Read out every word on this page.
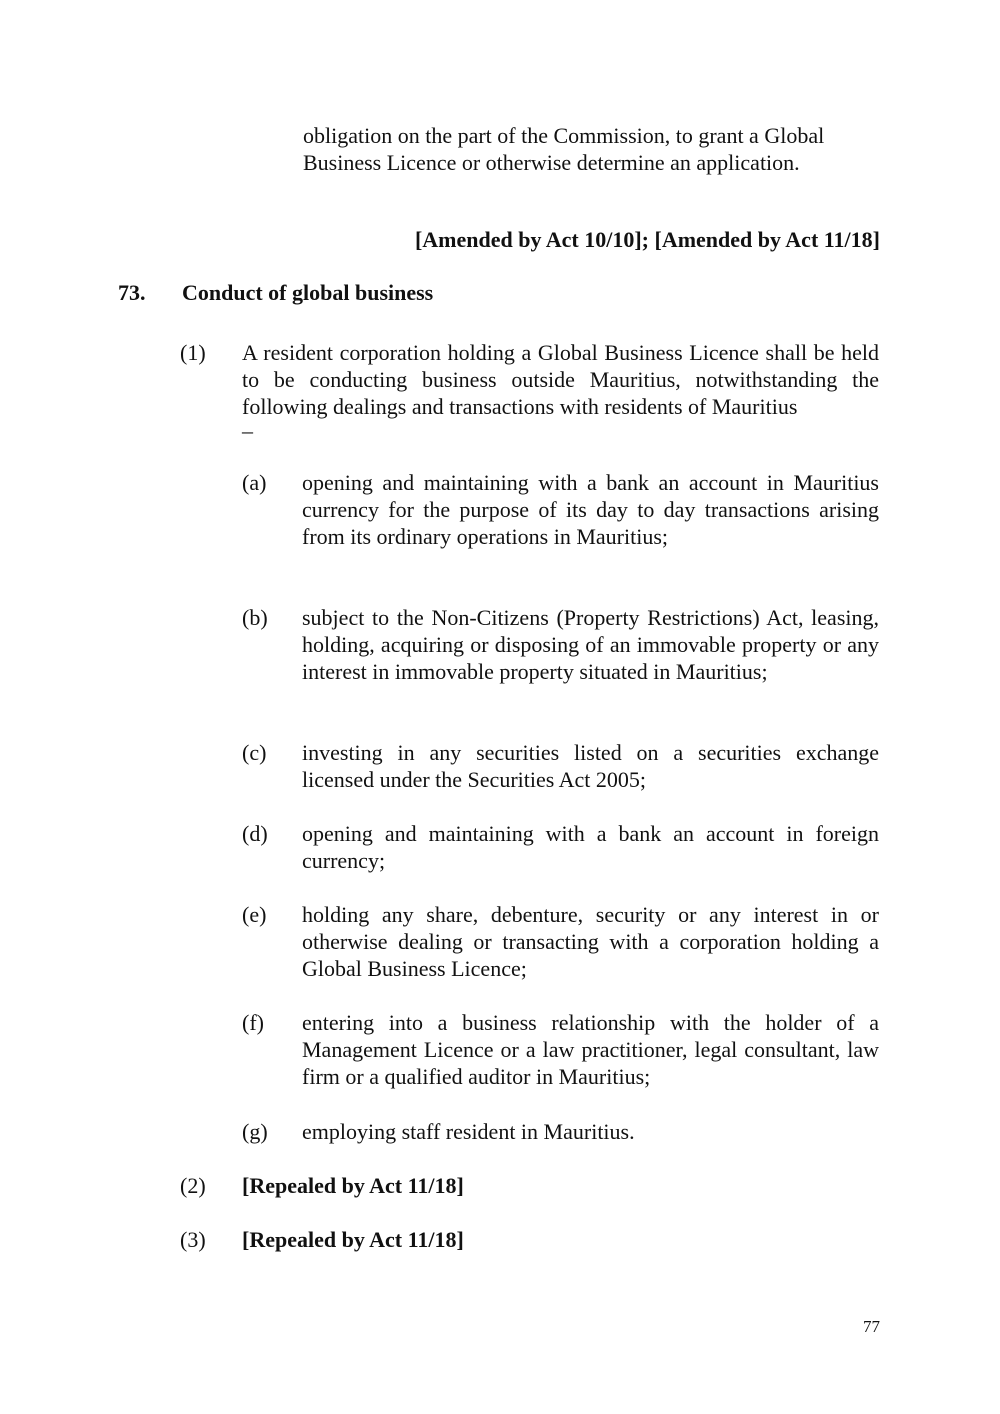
obligation on the part of the Commission, to grant a Global Business Licence or otherwise determine an application.
[Amended by Act 10/10]; [Amended by Act 11/18]
73. Conduct of global business
(1) A resident corporation holding a Global Business Licence shall be held to be conducting business outside Mauritius, notwithstanding the following dealings and transactions with residents of Mauritius
–
(a) opening and maintaining with a bank an account in Mauritius currency for the purpose of its day to day transactions arising from its ordinary operations in Mauritius;
(b) subject to the Non-Citizens (Property Restrictions) Act, leasing, holding, acquiring or disposing of an immovable property or any interest in immovable property situated in Mauritius;
(c) investing in any securities listed on a securities exchange licensed under the Securities Act 2005;
(d) opening and maintaining with a bank an account in foreign currency;
(e) holding any share, debenture, security or any interest in or otherwise dealing or transacting with a corporation holding a Global Business Licence;
(f) entering into a business relationship with the holder of a Management Licence or a law practitioner, legal consultant, law firm or a qualified auditor in Mauritius;
(g) employing staff resident in Mauritius.
(2) [Repealed by Act 11/18]
(3) [Repealed by Act 11/18]
77
